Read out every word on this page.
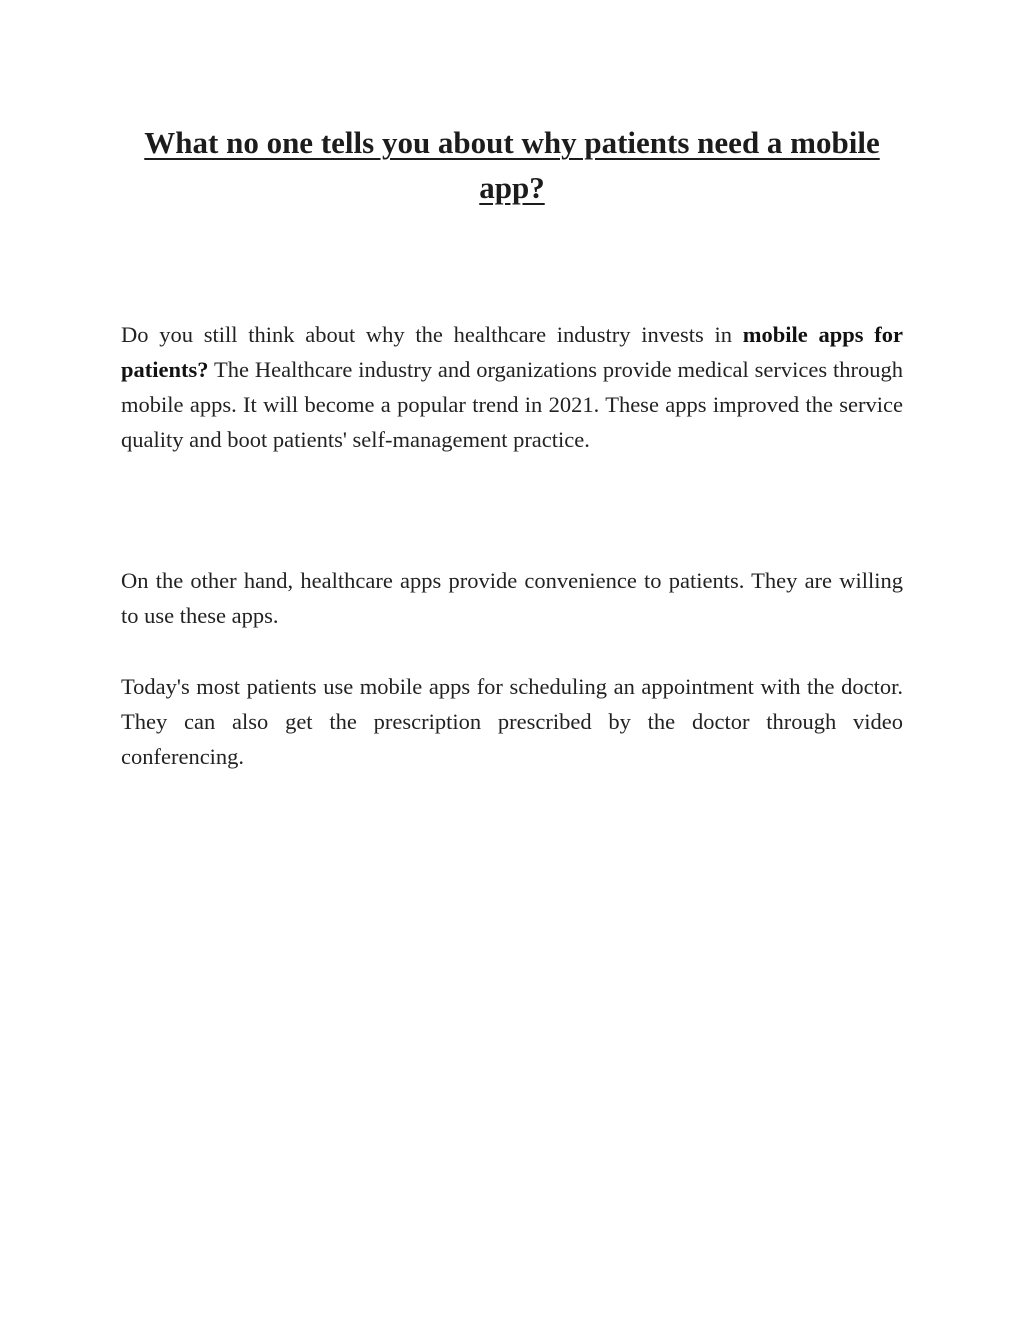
What no one tells you about why patients need a mobile app?

Do you still think about why the healthcare industry invests in mobile apps for patients? The Healthcare industry and organizations provide medical services through mobile apps. It will become a popular trend in 2021. These apps improved the service quality and boot patients' self-management practice.

On the other hand, healthcare apps provide convenience to patients. They are willing to use these apps.

Today's most patients use mobile apps for scheduling an appointment with the doctor. They can also get the prescription prescribed by the doctor through video conferencing.
